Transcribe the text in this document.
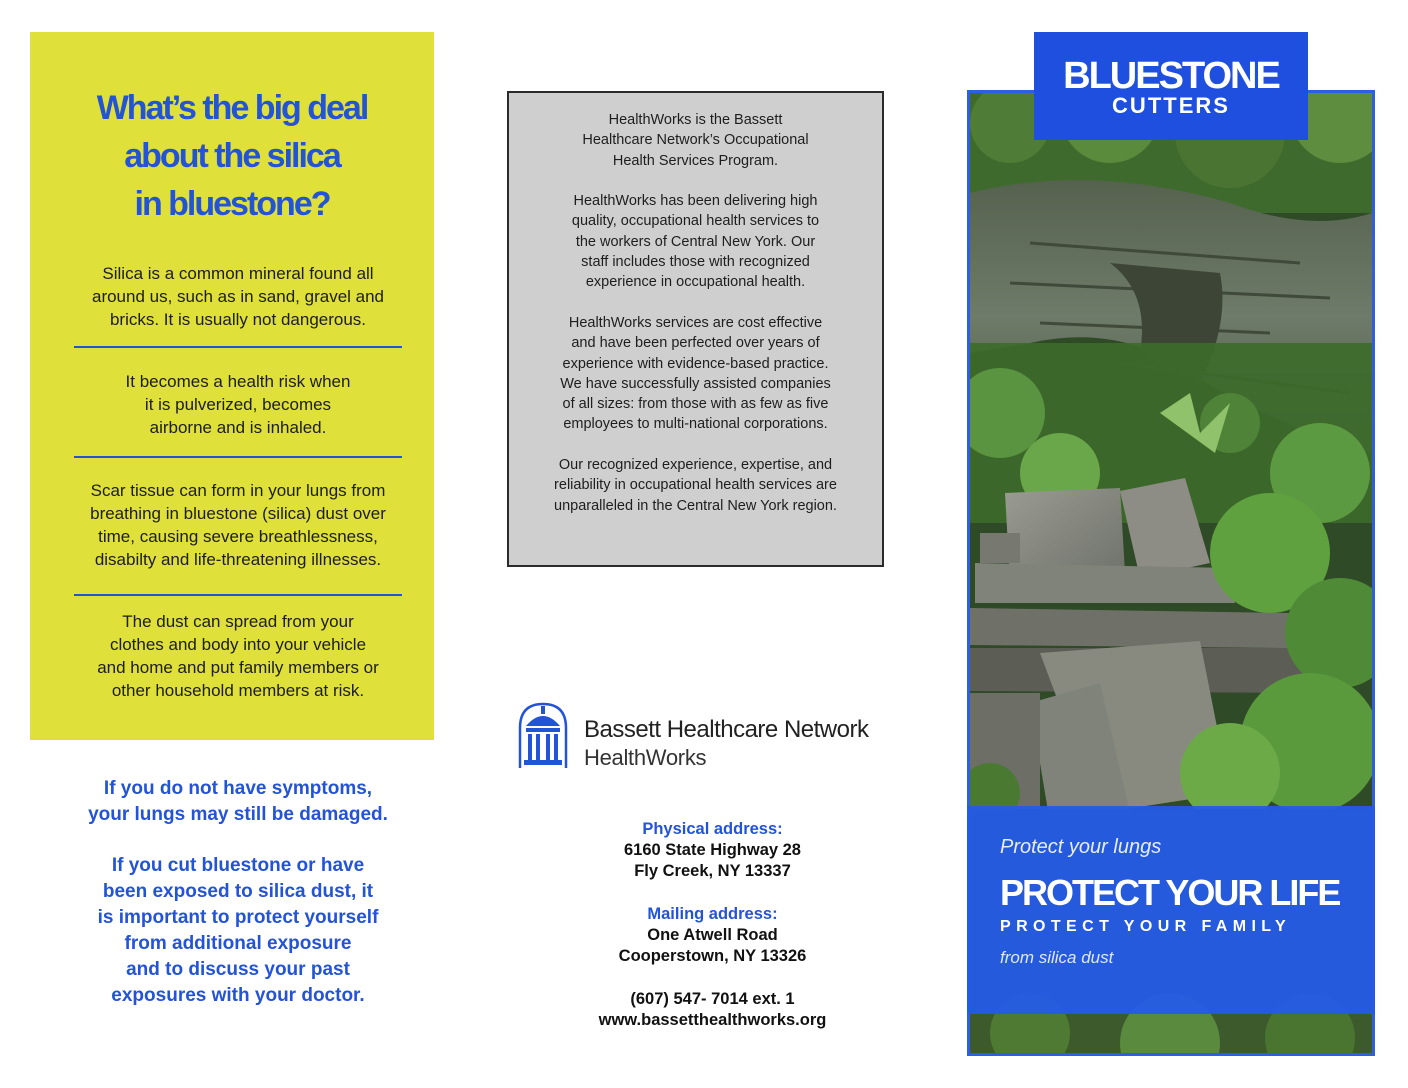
What’s the big deal
about the silica
in bluestone?
Silica is a common mineral found all
around us, such as in sand, gravel and
bricks. It is usually not dangerous.
It becomes a health risk when
it is pulverized, becomes
airborne and is inhaled.
Scar tissue can form in your lungs from
breathing in bluestone (silica) dust over
time, causing severe breathlessness,
disabilty and life-threatening illnesses.
The dust can spread from your
clothes and body into your vehicle
and home and put family members or
other household members at risk.
If you do not have symptoms,
your lungs may still be damaged.
If you cut bluestone or have
been exposed to silica dust, it
is important to protect yourself
from additional exposure
and to discuss your past
exposures with your doctor.
HealthWorks is the Bassett
Healthcare Network’s Occupational
Health Services Program.
HealthWorks has been delivering high
quality, occupational health services to
the workers of Central New York. Our
staff includes those with recognized
experience in occupational health.
HealthWorks services are cost effective
and have been perfected over years of
experience with evidence-based practice.
We have successfully assisted companies
of all sizes: from those with as few as five
employees to multi-national corporations.
Our recognized experience, expertise, and
reliability in occupational health services are
unparalleled in the Central New York region.
Bassett Healthcare Network
HealthWorks
Physical address:
6160 State Highway 28
Fly Creek, NY 13337
Mailing address:
One Atwell Road
Cooperstown, NY 13326
(607) 547- 7014 ext. 1
www.bassetthealthworks.org
BLUESTONE
CUTTERS
Protect your lungs
PROTECT YOUR LIFE
PROTECT YOUR FAMILY
from silica dust
